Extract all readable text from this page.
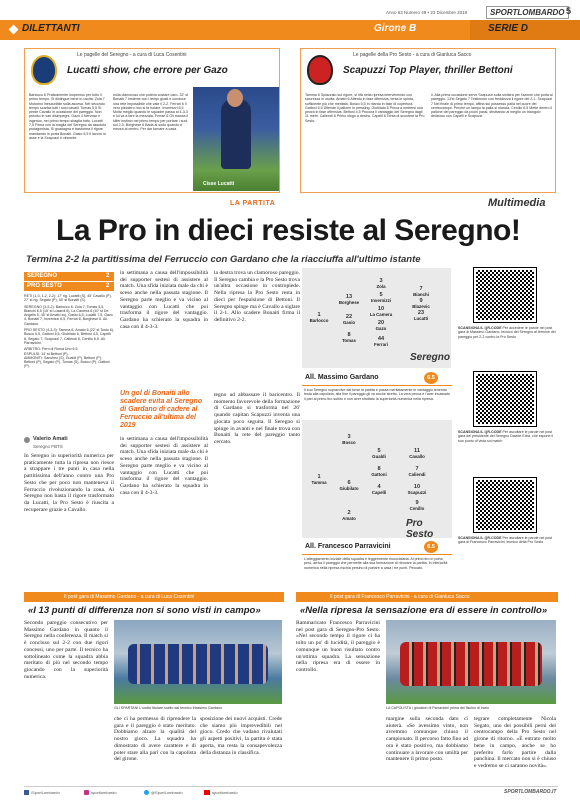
Anno 63 Numero 49 • 23 Dicembre 2019	SPORTLOMBARDO 5
DILETTANTI	Girone B	SERIE D
Le pagelle del Seregno - a cura di Luca Cosentini
Lucatti show, che errore per Gazo
Barlocco 6 Praticamente inoperoso per tutto il primo tempo. Si distingue bene in uscita. Zola 7 Motorino inesauribile sulla ascesa. Nel secondo tempo scarica tutti i suoi cavalli. Tomas 5,5 Si perde Cavallo in occasione del pareggio. Non preciso in vari disimpegni. Gazo 4 Nervoso e ingenuo, nel primo tempo sbaglia tutto. Lucatti 7,5 Firma con la maglia del Seregno da assoluto protagonista. Si guadagna e trasforma il rigore mandando in porta Bonaiti. Gasio 5,5 Il lavoro in asse e la Scapuzzi è vincente.
nulla clamoroso che poteva costare caro. 32' st Bonaiti 7 Insieme con i tempi giusti e conduce una rete impossibile che vale il 2-2. Ferrari 6 Il vero pistolero non si fa notare. Invernizzi 6,5 Molto meglio quando le squadre passa al 4-3-3 e lui va a fare la mezzala. Ferrari 6 Gli manca il killer instinct nel primo tempo per portare i suoi sul 2-0. Borghese 6 Bada al sodo quando è mezza al centro. Per dar tornare a casa.
Cisse Lucatti
Le pagelle della Pro Sesto - a cura di Gianluca Sacco
Scapuzzi Top Player, thriller Bettoni
Tamma 6 Spiazzato sul rigore, si rifà nella ripresa intervenendo con sicurezza in uscita. Amato 6 Attento in fase difensiva, tenta in spinta, sufficiente più che meritata. Bosco 5,5 In ritardo in fase di copertura. Gattoni 6,5 Difende il pallone in pressing. Giubilato 6 Prova a mettersi una pezza in fase offensiva. Bettoni 4,5 Procura il vantaggio del Seregno dagli 11 metri. Caliendi 6 Primo sfogo a destra. Capelli 6 Tenta di scuotere la Pro Sesto.
il. Alla prima occasione serve Scapuzzi sulla sinistra per l'azione che porta al pareggio. 13'st Segato 7 Testimone con freddezza il rigore del 2-1. Scapuzzi 7 Nel finale di primo tempo, affina sul possesso palla nel cuore del centrocampo. Perchè un lampo la palla si rilancia. Cenillo 6.5 Mette dentro il pallone del pareggio da pochi passi, sfruttando al meglio un triangolo delizioso con Capelli e Scapuzzi.
LA PARTITA	Multimedia
La Pro in dieci resiste al Seregno!
Termina 2-2 la partitissima del Ferruccio con Gardano che la riacciuffa all'ultimo istante
SEREGNO	2
PRO SESTO	2
RETI (1-0, 1-2, 2-2): 17' rig. Lucatti (S), 45' Cavallo (P), 27' st rig. Segato (P), 45' st Bonaiti (S).
SEREGNO (3-5-2): Barlocco 6, Zola 7, Tomas 5,5, Bianchi 6,5 (15' st Lusardi 6), La Camera 6 (10' st De Angelis 5, 45' st Amato sv), Gasio 6,5, Lucatti 7,5, Gazo 4, Bonaiti 7, Invernizzi 6,5, Ferrari 6, Borghese 6. All. Gardano.
PRO SESTO (4-3-3): Tamma 6, Amato 6 (22' st Tosto 6), Bosco 5,5, Gattoni 6,5, Giubilato 6, Bettoni 4,5, Capelli 6, Segato 7, Scapuzzi 7, Caliendi 6, Cenillo 6,5. All. Parravicini.
ARBITRO: Perri di Roma Uno 6.5.
ESPULSI: 14' st Bettoni (P).
AMMONITI: Sanchez (S), Gualdi (P), Bettoni (P), Bettoni (P), Segato (P), Tomas (S), Bosco (P), Gattoni (P).
Valerio Amati
Seregno FBTS
In Seregno in superiorità numerica per praticamente tutta la ripresa non riesce a strappare i tre punti in casa nella partitissima dell'anno contro una Pro Sesto che per poco non manteneva il Ferruccio rivoluzionando la zona. Al Seregno non basta il rigore trasformato da Lucatti, la Pro Sesto è riuscita a recuperare grazie a Cavallo.
in settimana a causa dell'impossibilità dei supporter sestesi di assistere al match. Una sfida iniziata male da chi è sceso anche nella passata stagione. Il Seregno parte meglio e va vicino al vantaggio con Lucatti che poi trasforma il rigore del vantaggio. Gardano ha schierato la squadra in casa con il 4-3-3.
Un gol di Bonaiti allo scadere evita al Seregno di Gardano di cadere al Ferruccio all'ultima del 2019
in settimana a causa dell'impossibilità dei supporter sestesi di assistere al match. Una sfida iniziata male da chi è sceso anche nella passata stagione. Il Seregno parte meglio e va vicino al vantaggio con Lucatti che poi trasforma il rigore del vantaggio. Gardano ha schierato la squadra in casa con il 4-3-3.
la destra trova un clamoroso pareggio. Il Seregno cambia e la Pro Sesto trova un'altra occasione in contropiede. Nella ripresa la Pro Sesto resta in dieci per l'espulsione di Bettoni. Il Seregno spinge ma è Cavallo a siglare il 2-1. Allo scadere Bonaiti firma il definitivo 2-2.
tegno ad abbassare il baricentro. Il momento favorevole della formazione di Gardano si trasforma nel 26' quando capitan Scapuzzi inventa una giocata poco seguita. Il Seregno si spinge in avanti e nel finale trova con Bonaiti la rete del pareggio tanto cercato.
Seregno
1
Barlocco
13
Borghese
22
Gasio
8
Tomas
3
Zola
5
Invernizzi
10
La Camera
20
Gazo
44
Ferrari
7
Bianchi
23
Lucatti
9
Blazevic
All. Massimo Gardano	6.5
Il suo Seregno sopravvive dal torse la partita e passa meritatamente in vantaggio tenendo testa alla capolista, alla fine il pareggio gli va anche stretto. La vera pecca è l'aver incassato il pari al primo tiro subito e non aver sfruttato la superiorità numerica nella ripresa.
Pro Sesto
1
Tamma
3
Bosco
6
Giubilato
2
Amato
5
Gualdi
8
Gattoni
4
Capelli
11
Cavallo
7
Caliendi
10
Scapuzzi
9
Cenillo
All. Francesco Parravicini	6.5
L'atteggiamento iniziale della squadra è leggermente rinunciataria. Al primo tiro in porta, però, arriva il pareggio che permette alla sua formazione di ritrovare la partita. In inferiorità numerica nella ripresa rischia persino di portare a casa i tre punti. Peccato.
SCANSIONA IL QR-CODE Per accedere le parole nel post gara di Massimo Gardano, tecnico del Seregno al termine del pareggio per 2-2 contro la Pro Sesto
SCANSIONA IL QR-CODE Per ascoltare le parole nel post gara del presidente del Seregno Davide Erba, che espone il suo punto di vista sul match
SCANSIONA IL QR-CODE Per ascoltare le parole nel post gara di Francesco Parravicini, tecnico della Pro Sesto
Il post gara di Massimo Gardano - a cura di Luca Cosentini
«I 13 punti di differenza non si sono visti in campo»
Secondo pareggio consecutivo per Massimo Gardano in quanto il Seregno nella conferenza. Il match si è concluso sul 2-2 con due rigori concessi, uno per parte. Il tecnico ha sottolineato come la squadra abbia meritato di più nel secondo tempo giocando con la superiorità numerica.
GLI SPARTANI L'undici titolare scelto dal tecnico Massimo Gardano
che ci ha permesso di riprendere la gara e il pareggio è stato meritato. Dobbiamo alzare la qualità del nostro gioco. La squadra ha dimostrato di avere carattere e di poter stare alla pari con la capolista del girone.
sposizione dei nuovi acquisti. Crede che siamo più imprevedibili nel gioco. Credo che vadano rivalutati gli aspetti positivi, la partita è stata aperta, ma resta la consapevolezza della distanza in classifica.
Il post gara di Francesco Parravicini - a cura di Gianluca Sacco
«Nella ripresa la sensazione era di essere in controllo»
Rammaricato Francesco Parravicini nel post gara di Seregno-Pro Sesto. «Nel secondo tempo il rigore ci ha tolto un po' di lucidità, il pareggio è comunque un buon risultato contro un'ottima squadra. La sensazione nella ripresa era di essere in controllo.
LA CAPOLISTA I giocatori di Parravicini prima del fischio di inizio
margine sulla seconda dato ci aiuterà. «Se avessimo vinto, non avremmo comunque chiuso il campionato. Il percorso fatto fino ad ora è stato positivo, ma dobbiamo continuare a lavorare con umiltà per mantenere il primo posto.
tegrare completamente Nicola Segato, uno dei possibili perni del centrocampo della Pro Sesto nel girone di ritorno. «È entrato molto bene in campo, anche se ho preferito farlo partire dalla panchina. Il mercato non si è chiuso e vedremo se ci saranno novità».
/SportLombardo	sportlombardo	@SportLombardo	sportlombardo	SPORTLOMBARDO.IT
